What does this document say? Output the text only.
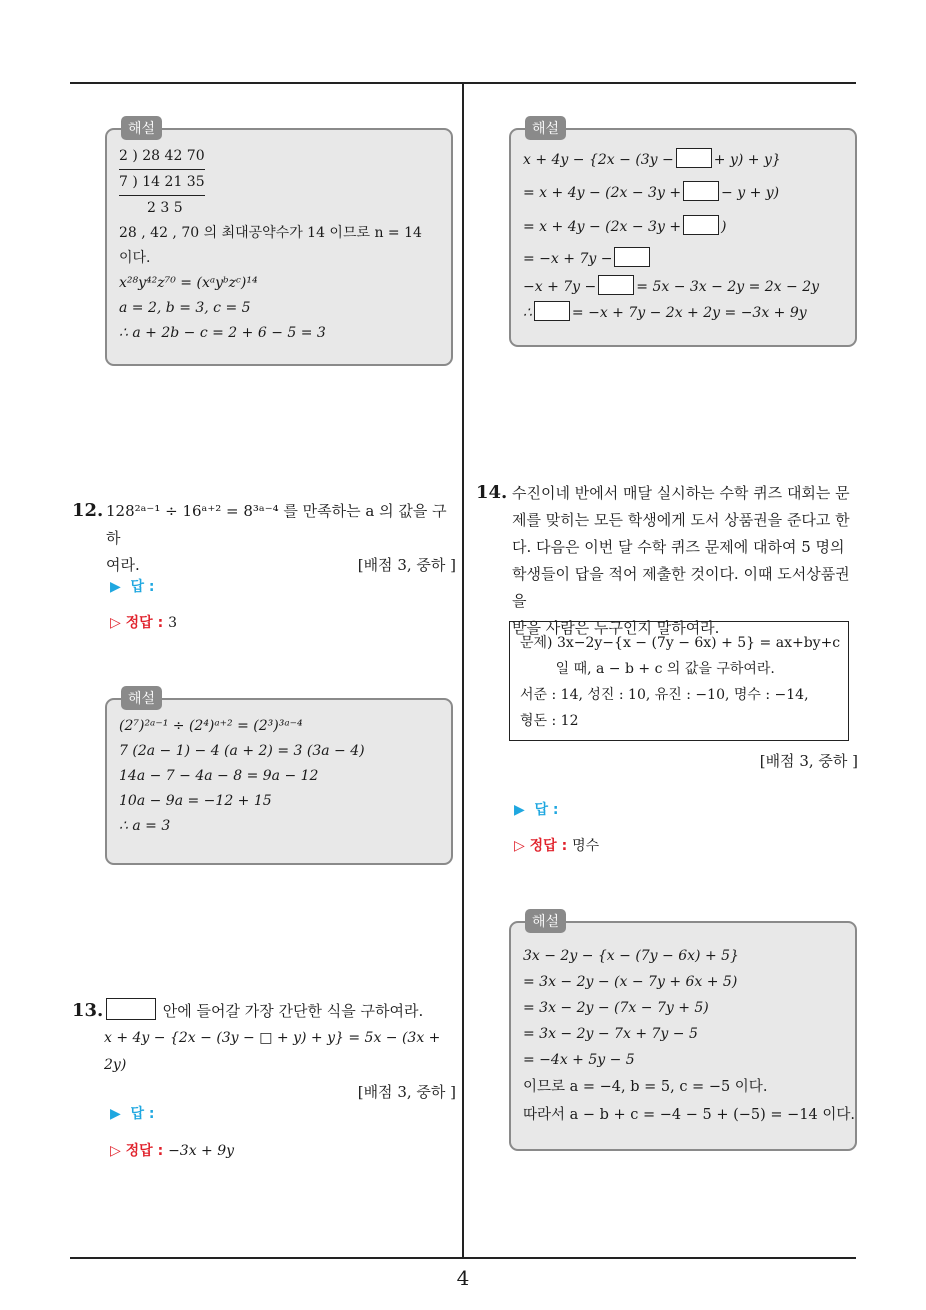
해설
2 ) 28 42 70
7 ) 14 21 35
2 3 5
28 , 42 , 70 의 최대공약수가 14 이므로 n = 14
이다.
x²⁸y⁴²z⁷⁰ = (xᵃyᵇzᶜ)¹⁴
a = 2, b = 3, c = 5
∴ a + 2b − c = 2 + 6 − 5 = 3
12. 128²ᵃ⁻¹ ÷ 16ᵃ⁺² = 8³ᵃ⁻⁴ 를 만족하는 a 의 값을 구하
여라.	[배점 3, 중하 ]
▶ 답 :
▷ 정답 : 3
해설
(2⁷)²ᵃ⁻¹ ÷ (2⁴)ᵃ⁺² = (2³)³ᵃ⁻⁴
7 (2a − 1) − 4 (a + 2) = 3 (3a − 4)
14a − 7 − 4a − 8 = 9a − 12
10a − 9a = −12 + 15
∴ a = 3
13.	안에 들어갈 가장 간단한 식을 구하여라.
x + 4y − {2x − (3y − □ + y) + y} = 5x − (3x + 2y)
[배점 3, 중하 ]
▶ 답 :
▷ 정답 : −3x + 9y
해설
x + 4y − {2x − (3y −	+ y) + y}
= x + 4y − (2x − 3y +	− y + y)
= x + 4y − (2x − 3y +	)
= −x + 7y −
−x + 7y −	= 5x − 3x − 2y = 2x − 2y
∴	= −x + 7y − 2x + 2y = −3x + 9y
14. 수진이네 반에서 매달 실시하는 수학 퀴즈 대회는 문
제를 맞히는 모든 학생에게 도서 상품권을 준다고 한
다. 다음은 이번 달 수학 퀴즈 문제에 대하여 5 명의
학생들이 답을 적어 제출한 것이다. 이때 도서상품권을
받을 사람은 누구인지 말하여라.
문제) 3x−2y−{x − (7y − 6x) + 5} = ax+by+c
일 때, a − b + c 의 값을 구하여라.
서준 : 14, 성진 : 10, 유진 : −10, 명수 : −14,
형돈 : 12
[배점 3, 중하 ]
▶ 답 :
▷ 정답 : 명수
해설
3x − 2y − {x − (7y − 6x) + 5}
= 3x − 2y − (x − 7y + 6x + 5)
= 3x − 2y − (7x − 7y + 5)
= 3x − 2y − 7x + 7y − 5
= −4x + 5y − 5
이므로 a = −4, b = 5, c = −5 이다.
따라서 a − b + c = −4 − 5 + (−5) = −14 이다.
4
